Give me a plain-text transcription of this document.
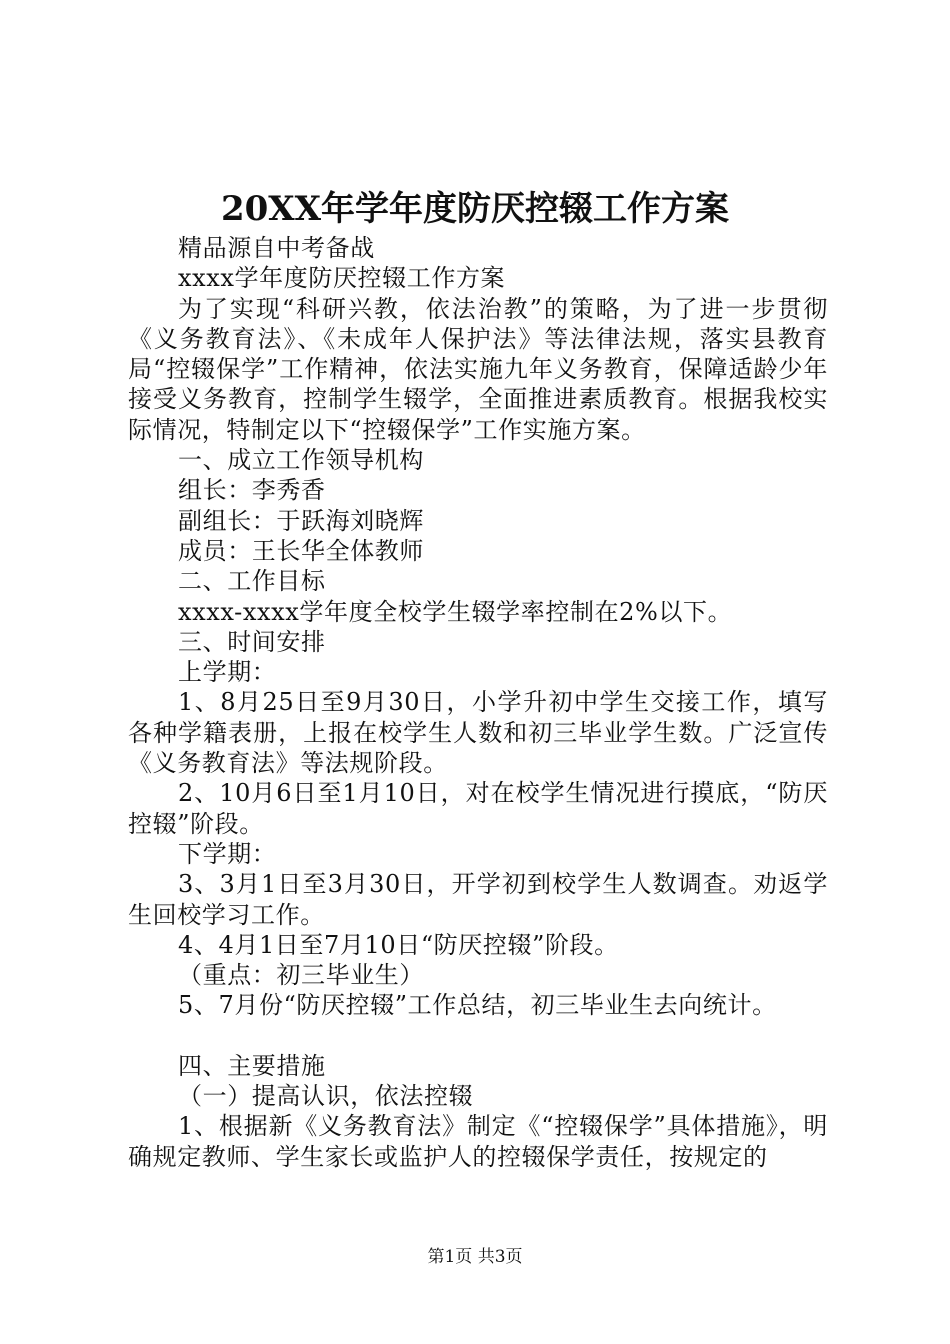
20XX年学年度防厌控辍工作方案

精品源自中考备战

xxxx学年度防厌控辍工作方案

为了实现“科研兴教，依法治教”的策略，为了进一步贯彻《义务教育法》、《未成年人保护法》等法律法规，落实县教育局“控辍保学”工作精神，依法实施九年义务教育，保障适龄少年接受义务教育，控制学生辍学，全面推进素质教育。根据我校实际情况，特制定以下“控辍保学”工作实施方案。

一、成立工作领导机构

组长：李秀香

副组长：于跃海刘晓辉

成员：王长华全体教师

二、工作目标

xxxx-xxxx学年度全校学生辍学率控制在2%以下。

三、时间安排

上学期：

1、8月25日至9月30日，小学升初中学生交接工作，填写各种学籍表册，上报在校学生人数和初三毕业学生数。广泛宣传《义务教育法》等法规阶段。

2、10月6日至1月10日，对在校学生情况进行摸底，“防厌控辍”阶段。

下学期：

3、3月1日至3月30日，开学初到校学生人数调查。劝返学生回校学习工作。

4、4月1日至7月10日“防厌控辍”阶段。

（重点：初三毕业生）

5、7月份“防厌控辍”工作总结，初三毕业生去向统计。

四、主要措施

（一）提高认识，依法控辍

1、根据新《义务教育法》制定《“控辍保学”具体措施》，明确规定教师、学生家长或监护人的控辍保学责任，按规定的

第1页 共3页
